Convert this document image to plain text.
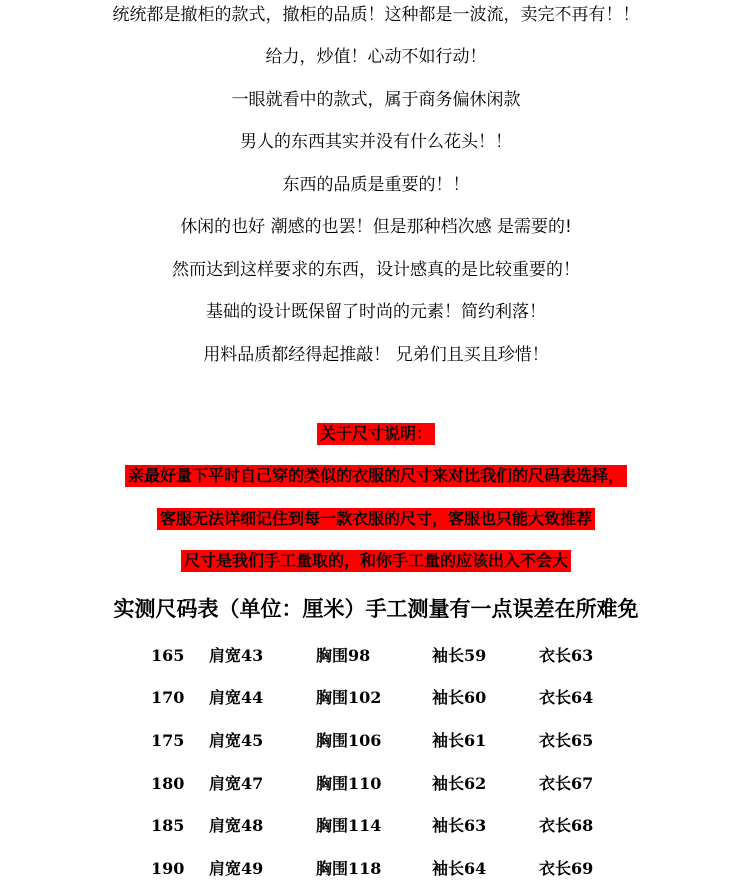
统统都是撤柜的款式，撤柜的品质！这种都是一波流，卖完不再有！！
给力，炒值！心动不如行动！
一眼就看中的款式，属于商务偏休闲款
男人的东西其实并没有什么花头！！
东西的品质是重要的！！
休闲的也好 潮感的也罢！但是那种档次感 是需要的!
然而达到这样要求的东西，设计感真的是比较重要的！
基础的设计既保留了时尚的元素！简约利落！
用料品质都经得起推敲！ 兄弟们且买且珍惜！
关于尺寸说明：
亲最好量下平时自己穿的类似的衣服的尺寸来对比我们的尺码表选择，
客服无法详细记住到每一款衣服的尺寸，客服也只能大致推荐
尺寸是我们手工量取的，和你手工量的应该出入不会大
实测尺码表（单位：厘米）手工测量有一点误差在所难免
165 肩宽43	胸围98	袖长59	衣长63
170 肩宽44	胸围102	袖长60	衣长64
175 肩宽45	胸围106	袖长61	衣长65
180 肩宽47	胸围110	袖长62	衣长67
185 肩宽48	胸围114	袖长63	衣长68
190 肩宽49	胸围118	袖长64	衣长69
